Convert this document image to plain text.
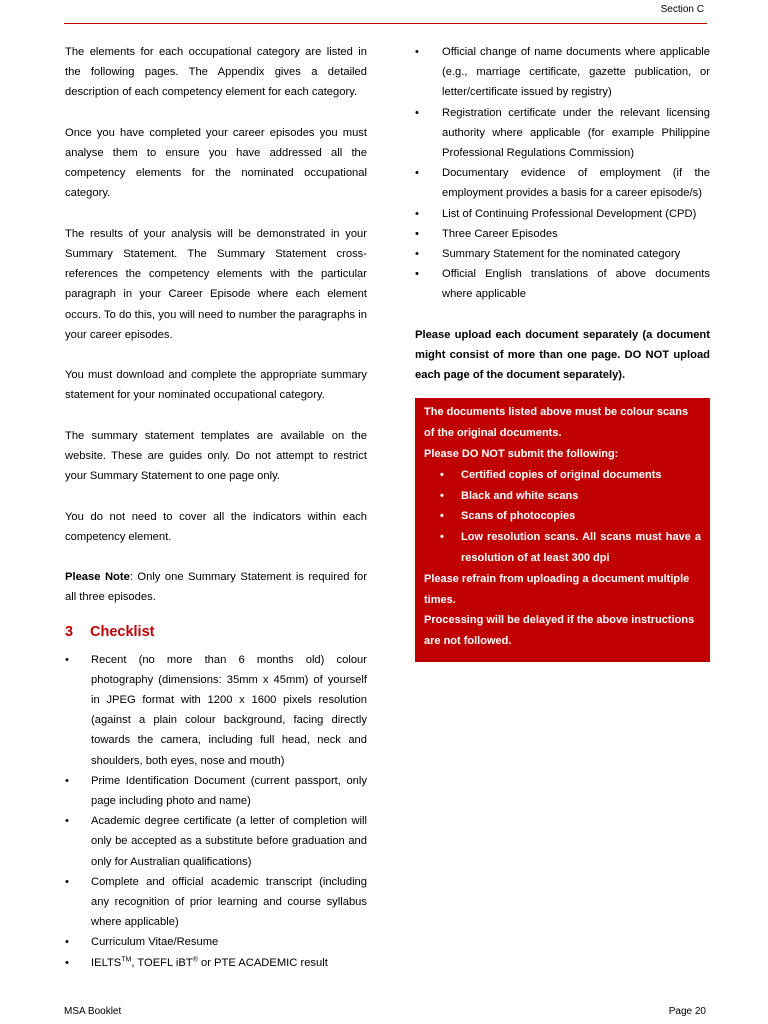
Section C

The elements for each occupational category are listed in the following pages. The Appendix gives a detailed description of each competency element for each category.

Once you have completed your career episodes you must analyse them to ensure you have addressed all the competency elements for the nominated occupational category.

The results of your analysis will be demonstrated in your Summary Statement. The Summary Statement cross-references the competency elements with the particular paragraph in your Career Episode where each element occurs. To do this, you will need to number the paragraphs in your career episodes.

You must download and complete the appropriate summary statement for your nominated occupational category.

The summary statement templates are available on the website. These are guides only. Do not attempt to restrict your Summary Statement to one page only.

You do not need to cover all the indicators within each competency element.

Please Note: Only one Summary Statement is required for all three episodes.

3	Checklist
• Recent (no more than 6 months old) colour photography (dimensions: 35mm x 45mm) of yourself in JPEG format with 1200 x 1600 pixels resolution (against a plain colour background, facing directly towards the camera, including full head, neck and shoulders, both eyes, nose and mouth)
• Prime Identification Document (current passport, only page including photo and name)
• Academic degree certificate (a letter of completion will only be accepted as a substitute before graduation and only for Australian qualifications)
• Complete and official academic transcript (including any recognition of prior learning and course syllabus where applicable)
• Curriculum Vitae/Resume
• IELTS™, TOEFL iBT® or PTE ACADEMIC result
• Official change of name documents where applicable (e.g., marriage certificate, gazette publication, or letter/certificate issued by registry)
• Registration certificate under the relevant licensing authority where applicable (for example Philippine Professional Regulations Commission)
• Documentary evidence of employment (if the employment provides a basis for a career episode/s)
• List of Continuing Professional Development (CPD)
• Three Career Episodes
• Summary Statement for the nominated category
• Official English translations of above documents where applicable
Please upload each document separately (a document might consist of more than one page. DO NOT upload each page of the document separately).
The documents listed above must be colour scans of the original documents.
Please DO NOT submit the following:
• Certified copies of original documents
• Black and white scans
• Scans of photocopies
• Low resolution scans. All scans must have a resolution of at least 300 dpi
Please refrain from uploading a document multiple times.
Processing will be delayed if the above instructions are not followed.
MSA Booklet	Page 20
